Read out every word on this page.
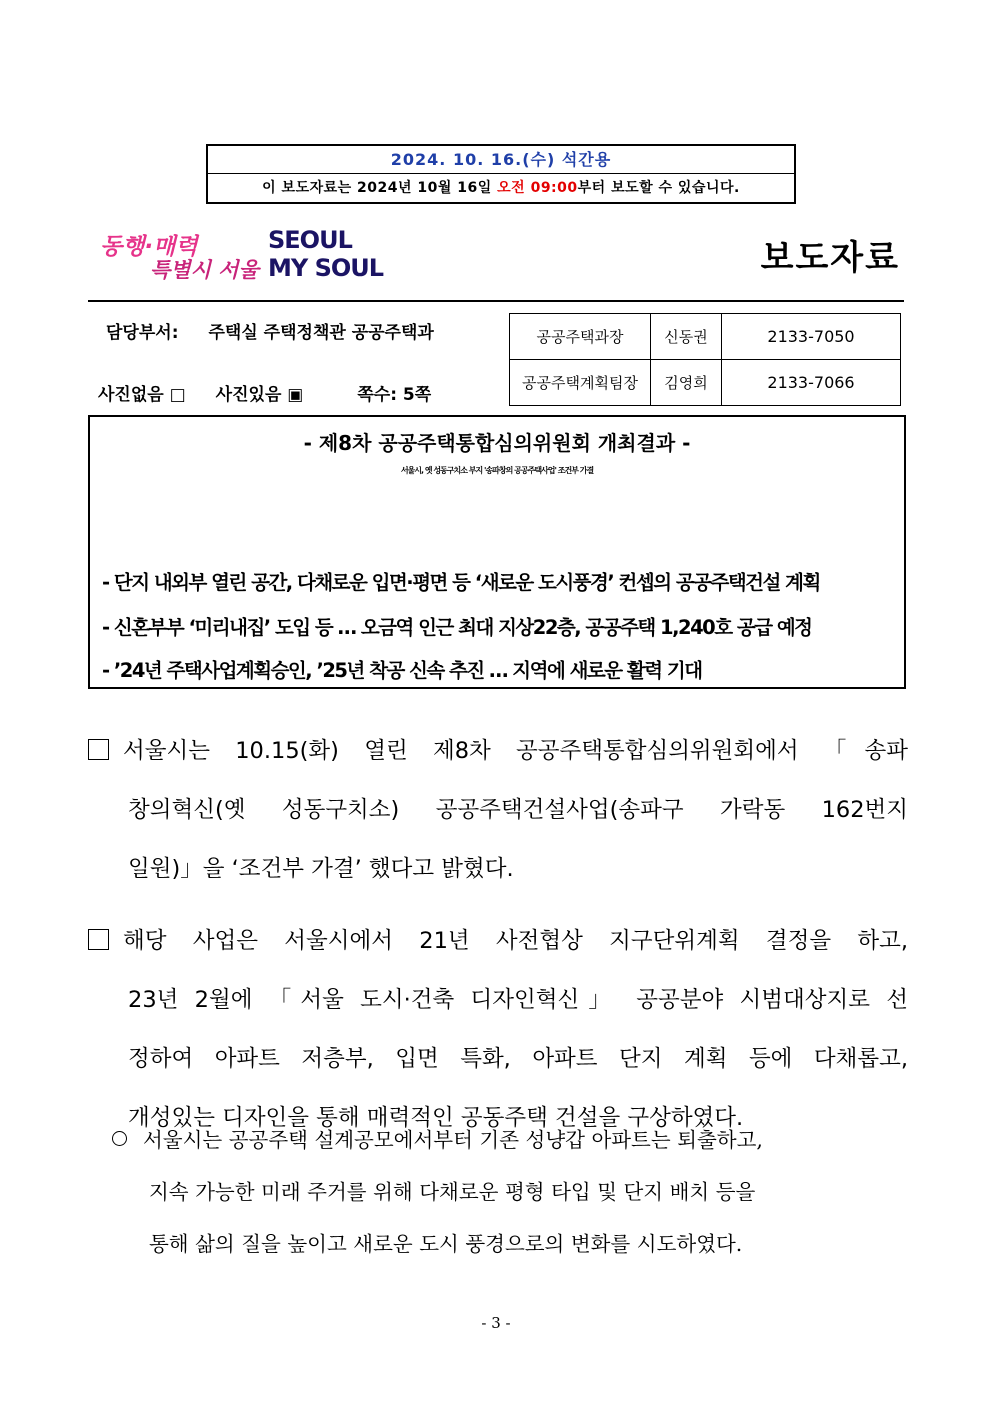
2024. 10. 16.(수) 석간용
이 보도자료는 2024년 10월 16일 오전 09:00부터 보도할 수 있습니다.
동행·매력
특별시 서울
SEOUL
MY SOUL	보도자료
담당부서: 주택실 주택정책관 공공주택과
사진없음 □ 사진있음 ▣	쪽수: 5쪽
공공주택과장	신동권	2133-7050
공공주택계획팀장	김영희	2133-7066
- 제8차 공공주택통합심의위원회 개최결과 -
서울시, 옛 성동구치소 부지 '송파창의 공공주택사업' 조건부 가결
- 단지 내외부 열린 공간, 다채로운 입면·평면 등 ‘새로운 도시풍경’ 컨셉의 공공주택건설 계획
- 신혼부부 ‘미리내집’ 도입 등 … 오금역 인근 최대 지상22층, 공공주택 1,240호 공급 예정
- ’24년 주택사업계획승인, ’25년 착공 신속 추진 … 지역에 새로운 활력 기대
서울시는 10.15(화) 열린 제8차 공공주택통합심의위원회에서 「송파
창의혁신(옛 성동구치소) 공공주택건설사업(송파구 가락동 162번지
일원)」을 ‘조건부 가결’ 했다고 밝혔다.
해당 사업은 서울시에서 21년 사전협상 지구단위계획 결정을 하고,
23년 2월에 「서울 도시·건축 디자인혁신」 공공분야 시범대상지로 선
정하여 아파트 저층부, 입면 특화, 아파트 단지 계획 등에 다채롭고,
개성있는 디자인을 통해 매력적인 공동주택 건설을 구상하였다.
서울시는 공공주택 설계공모에서부터 기존 성냥갑 아파트는 퇴출하고,
지속 가능한 미래 주거를 위해 다채로운 평형 타입 및 단지 배치 등을
통해 삶의 질을 높이고 새로운 도시 풍경으로의 변화를 시도하였다.
- 3 -
